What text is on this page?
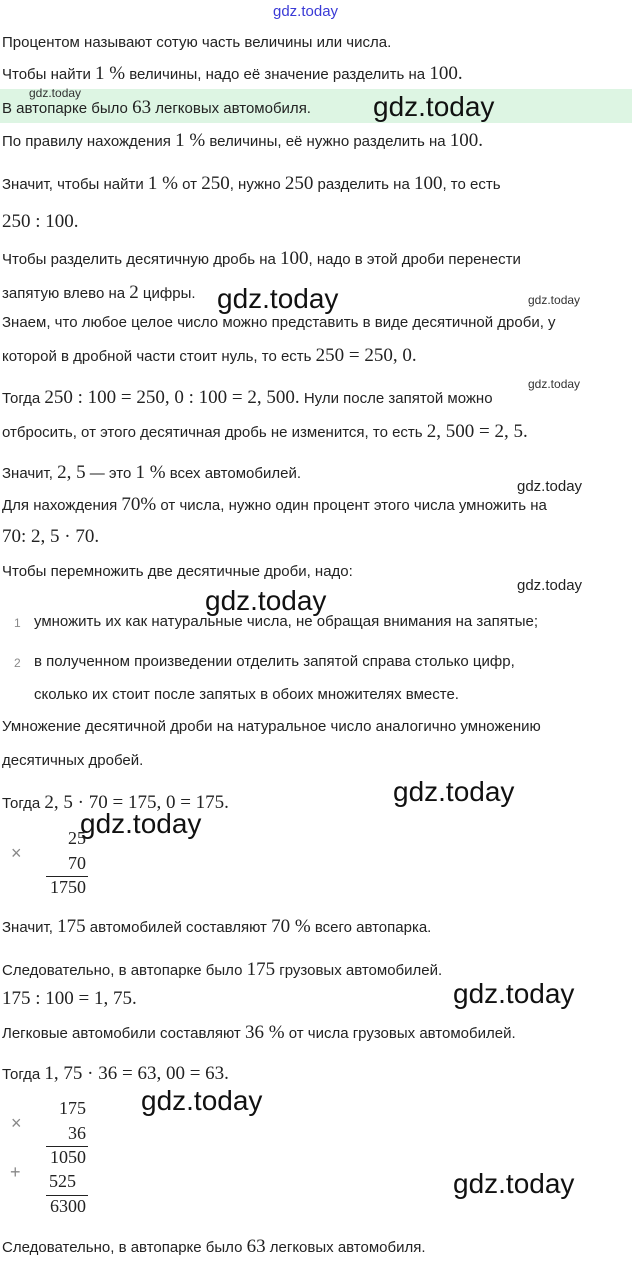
gdz.today
Процентом называют сотую часть величины или числа.
Чтобы найти 1 % величины, надо её значение разделить на 100.
gdz.today
В автопарке было 63 легковых автомобиля. gdz.today
По правилу нахождения 1 % величины, её нужно разделить на 100.
Значит, чтобы найти 1 % от 250, нужно 250 разделить на 100, то есть
250 : 100.
Чтобы разделить десятичную дробь на 100, надо в этой дроби перенести
запятую влево на 2 цифры. gdz.today	gdz.today
Знаем, что любое целое число можно представить в виде десятичной дроби, у
которой в дробной части стоит нуль, то есть 250 = 250, 0.
gdz.today
Тогда 250 : 100 = 250, 0 : 100 = 2, 500. Нули после запятой можно
отбросить, от этого десятичная дробь не изменится, то есть 2, 500 = 2, 5.
Значит, 2, 5 — это 1 % всех автомобилей.
gdz.today
Для нахождения 70% от числа, нужно один процент этого числа умножить на
70: 2, 5 · 70.
Чтобы перемножить две десятичные дроби, надо:
gdz.today
gdz.today
1 умножить их как натуральные числа, не обращая внимания на запятые;
2 в полученном произведении отделить запятой справа столько цифр,
сколько их стоит после запятых в обоих множителях вместе.
Умножение десятичной дроби на натуральное число аналогично умножению
десятичных дробей.
gdz.today
Тогда 2, 5 · 70 = 175, 0 = 175.
gdz.today
×
25
70
1750
Значит, 175 автомобилей составляют 70 % всего автопарка.
Следовательно, в автопарке было 175 грузовых автомобилей.
gdz.today
175 : 100 = 1, 75.
Легковые автомобили составляют 36 % от числа грузовых автомобилей.
Тогда 1, 75 · 36 = 63, 00 = 63.
gdz.today
×
175
36
1050
+	525
6300
gdz.today
Следовательно, в автопарке было 63 легковых автомобиля.
